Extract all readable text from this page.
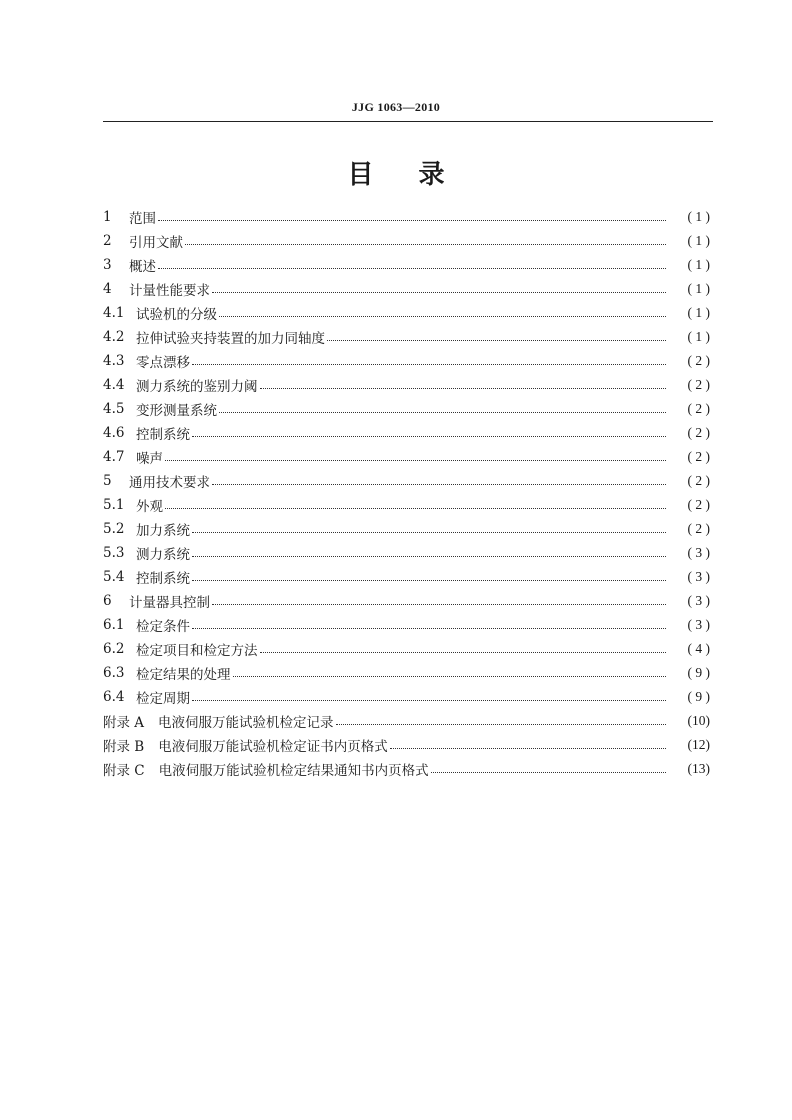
JJG 1063—2010
目 录
1	范围	( 1 )
2	引用文献	( 1 )
3	概述	( 1 )
4	计量性能要求	( 1 )
4.1 试验机的分级	( 1 )
4.2 拉伸试验夹持装置的加力同轴度	( 1 )
4.3 零点漂移	( 2 )
4.4 测力系统的鉴别力阈	( 2 )
4.5 变形测量系统	( 2 )
4.6 控制系统	( 2 )
4.7 噪声	( 2 )
5	通用技术要求	( 2 )
5.1 外观	( 2 )
5.2 加力系统	( 2 )
5.3 测力系统	( 3 )
5.4 控制系统	( 3 )
6	计量器具控制	( 3 )
6.1 检定条件	( 3 )
6.2 检定项目和检定方法	( 4 )
6.3 检定结果的处理	( 9 )
6.4 检定周期	( 9 )
附录 A 电液伺服万能试验机检定记录	(10)
附录 B 电液伺服万能试验机检定证书内页格式	(12)
附录 C 电液伺服万能试验机检定结果通知书内页格式	(13)
